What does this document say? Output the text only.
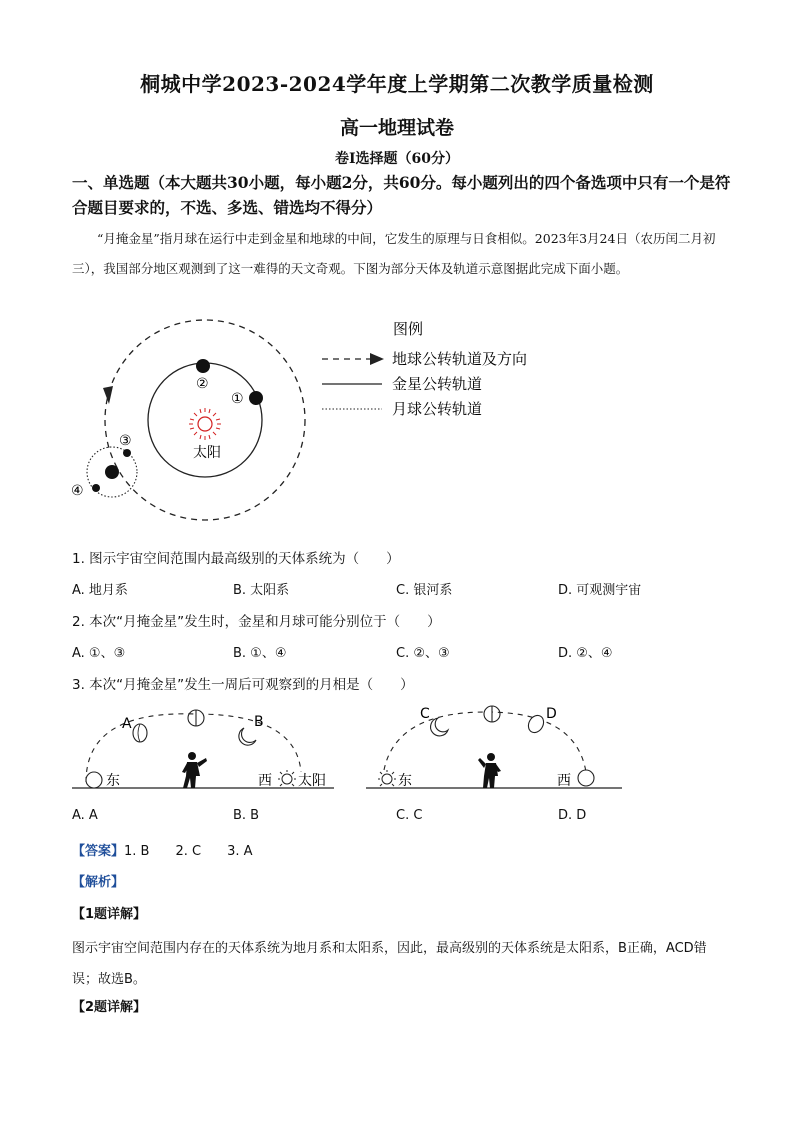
桐城中学2023-2024学年度上学期第二次教学质量检测
高一地理试卷
卷Ⅰ选择题（60分）
一、单选题（本大题共30小题，每小题2分，共60分。每小题列出的四个备选项中只有一个是符合题目要求的，不选、多选、错选均不得分）
“月掩金星”指月球在运行中走到金星和地球的中间，它发生的原理与日食相似。2023年3月24日（农历闰二月初三），我国部分地区观测到了这一难得的天文奇观。下图为部分天体及轨道示意图据此完成下面小题。
太阳
②
①
③
④
图例
地球公转轨道及方向
金星公转轨道
月球公转轨道
1. 图示宇宙空间范围内最高级别的天体系统为（　　）
A. 地月系	B. 太阳系	C. 银河系	D. 可观测宇宙
2. 本次“月掩金星”发生时，金星和月球可能分别位于（　　）
A. ①、③	B. ①、④	C. ②、③	D. ②、④
3. 本次“月掩金星”发生一周后可观察到的月相是（　　）
东
A	B
西 太阳	东
C	D
西
A. A	B. B	C. C	D. D
【答案】1. B　　2. C　　3. A
【解析】
【1题详解】
图示宇宙空间范围内存在的天体系统为地月系和太阳系，因此，最高级别的天体系统是太阳系，B正确，ACD错误；故选B。
【2题详解】
